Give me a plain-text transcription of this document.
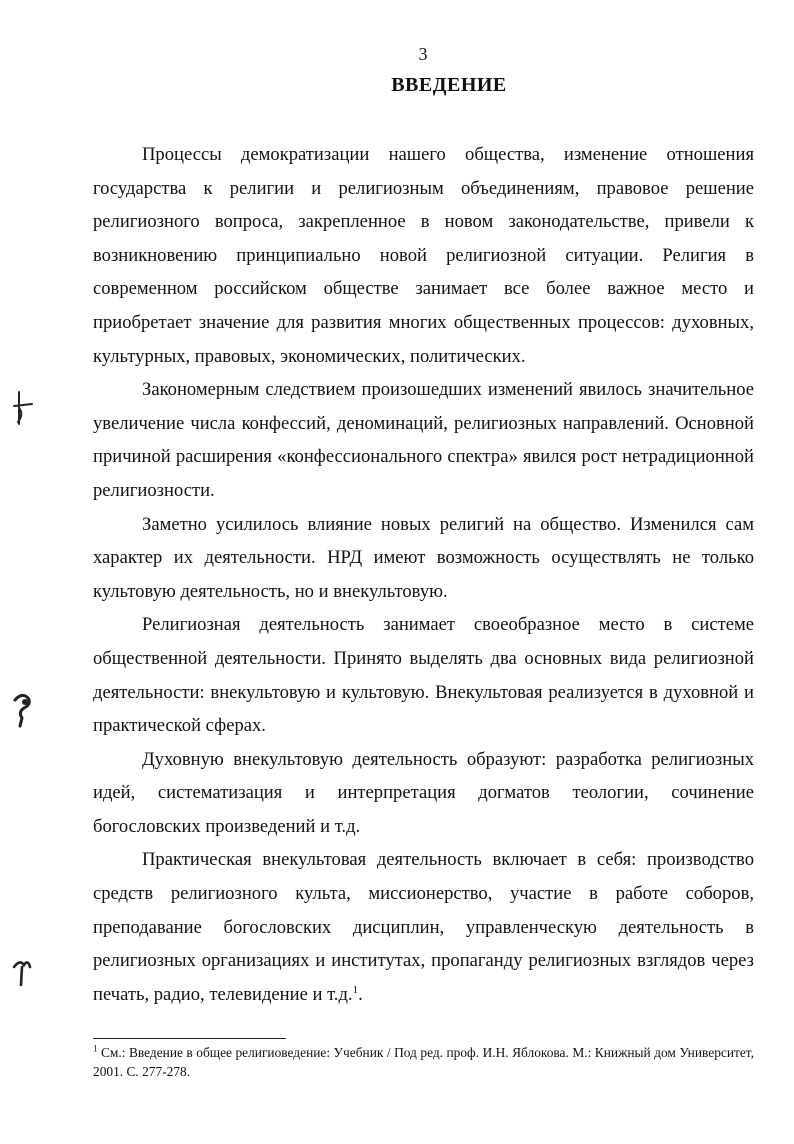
3
ВВЕДЕНИЕ

Процессы демократизации нашего общества, изменение отношения государства к религии и религиозным объединениям, правовое решение религиозного вопроса, закрепленное в новом законодательстве, привели к возникновению принципиально новой религиозной ситуации. Религия в современном российском обществе занимает все более важное место и приобретает значение для развития многих общественных процессов: духовных, культурных, правовых, экономических, политических.

Закономерным следствием произошедших изменений явилось значительное увеличение числа конфессий, деноминаций, религиозных направлений. Основной причиной расширения «конфессионального спектра» явился рост нетрадиционной религиозности.

Заметно усилилось влияние новых религий на общество. Изменился сам характер их деятельности. НРД имеют возможность осуществлять не только культовую деятельность, но и внекультовую.

Религиозная деятельность занимает своеобразное место в системе общественной деятельности. Принято выделять два основных вида религиозной деятельности: внекультовую и культовую. Внекультовая реализуется в духовной и практической сферах.

Духовную внекультовую деятельность образуют: разработка религиозных идей, систематизация и интерпретация догматов теологии, сочинение богословских произведений и т.д.

Практическая внекультовая деятельность включает в себя: производство средств религиозного культа, миссионерство, участие в работе соборов, преподавание богословских дисциплин, управленческую деятельность в религиозных организациях и институтах, пропаганду религиозных взглядов через печать, радио, телевидение и т.д.$^1$.

$^1$ См.: Введение в общее религиоведение: Учебник / Под ред. проф. И.Н. Яблокова. М.: Книжный дом Университет, 2001. С. 277-278.
